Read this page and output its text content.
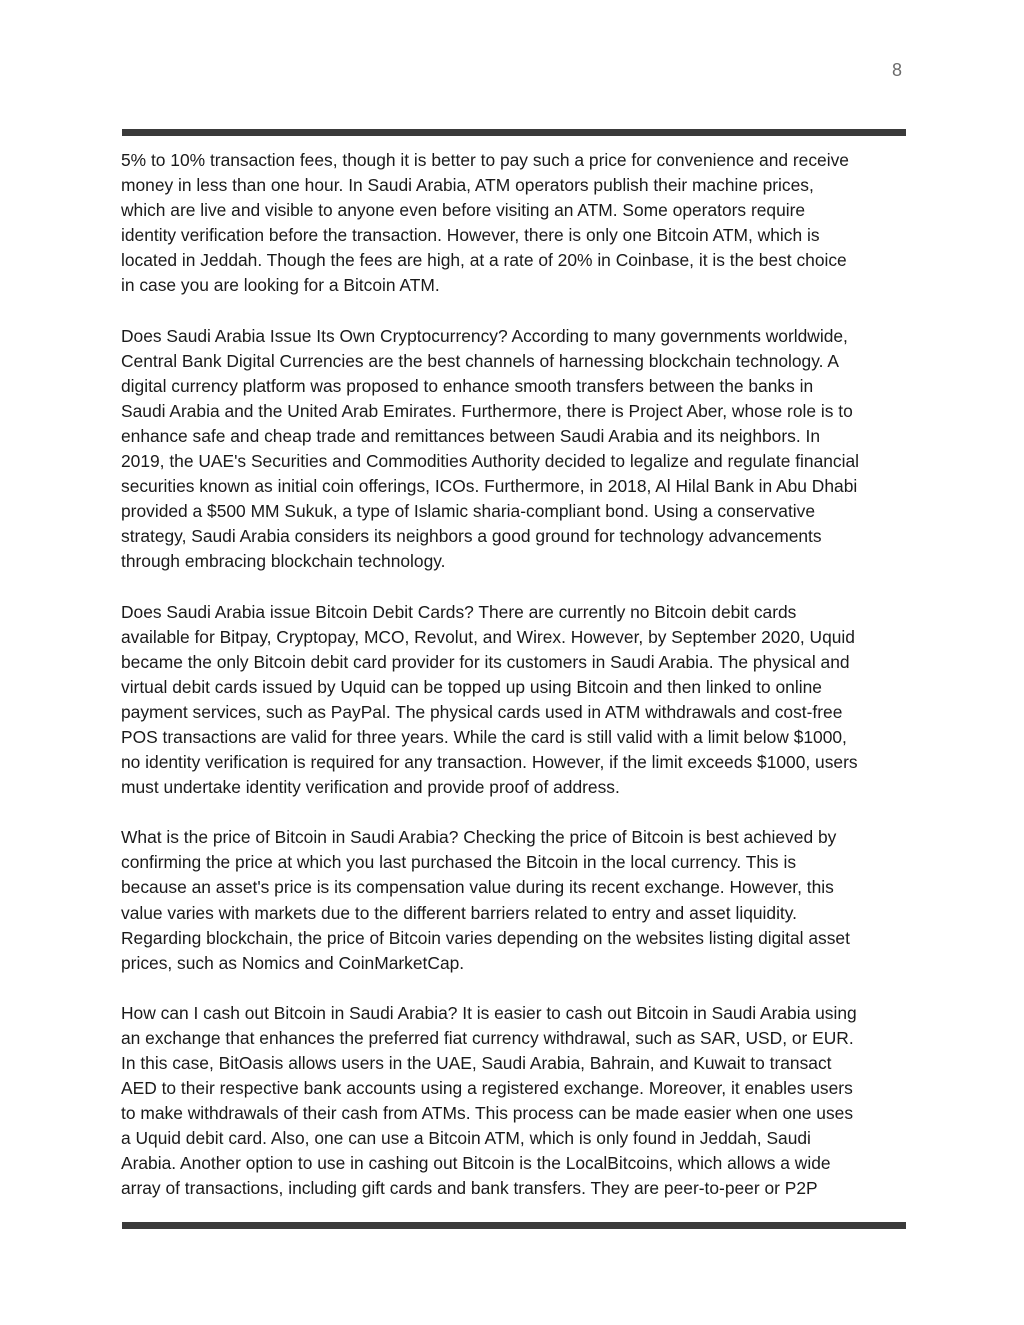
8

5% to 10% transaction fees, though it is better to pay such a price for convenience and receive
money in less than one hour. In Saudi Arabia, ATM operators publish their machine prices,
which are live and visible to anyone even before visiting an ATM. Some operators require
identity verification before the transaction. However, there is only one Bitcoin ATM, which is
located in Jeddah. Though the fees are high, at a rate of 20% in Coinbase, it is the best choice
in case you are looking for a Bitcoin ATM.

Does Saudi Arabia Issue Its Own Cryptocurrency? According to many governments worldwide,
Central Bank Digital Currencies are the best channels of harnessing blockchain technology. A
digital currency platform was proposed to enhance smooth transfers between the banks in
Saudi Arabia and the United Arab Emirates. Furthermore, there is Project Aber, whose role is to
enhance safe and cheap trade and remittances between Saudi Arabia and its neighbors. In
2019, the UAE's Securities and Commodities Authority decided to legalize and regulate financial
securities known as initial coin offerings, ICOs. Furthermore, in 2018, Al Hilal Bank in Abu Dhabi
provided a $500 MM Sukuk, a type of Islamic sharia-compliant bond. Using a conservative
strategy, Saudi Arabia considers its neighbors a good ground for technology advancements
through embracing blockchain technology.

Does Saudi Arabia issue Bitcoin Debit Cards? There are currently no Bitcoin debit cards
available for Bitpay, Cryptopay, MCO, Revolut, and Wirex. However, by September 2020, Uquid
became the only Bitcoin debit card provider for its customers in Saudi Arabia. The physical and
virtual debit cards issued by Uquid can be topped up using Bitcoin and then linked to online
payment services, such as PayPal. The physical cards used in ATM withdrawals and cost-free
POS transactions are valid for three years. While the card is still valid with a limit below $1000,
no identity verification is required for any transaction. However, if the limit exceeds $1000, users
must undertake identity verification and provide proof of address.

What is the price of Bitcoin in Saudi Arabia? Checking the price of Bitcoin is best achieved by
confirming the price at which you last purchased the Bitcoin in the local currency. This is
because an asset's price is its compensation value during its recent exchange. However, this
value varies with markets due to the different barriers related to entry and asset liquidity.
Regarding blockchain, the price of Bitcoin varies depending on the websites listing digital asset
prices, such as Nomics and CoinMarketCap.

How can I cash out Bitcoin in Saudi Arabia? It is easier to cash out Bitcoin in Saudi Arabia using
an exchange that enhances the preferred fiat currency withdrawal, such as SAR, USD, or EUR.
In this case, BitOasis allows users in the UAE, Saudi Arabia, Bahrain, and Kuwait to transact
AED to their respective bank accounts using a registered exchange. Moreover, it enables users
to make withdrawals of their cash from ATMs. This process can be made easier when one uses
a Uquid debit card. Also, one can use a Bitcoin ATM, which is only found in Jeddah, Saudi
Arabia. Another option to use in cashing out Bitcoin is the LocalBitcoins, which allows a wide
array of transactions, including gift cards and bank transfers. They are peer-to-peer or P2P
